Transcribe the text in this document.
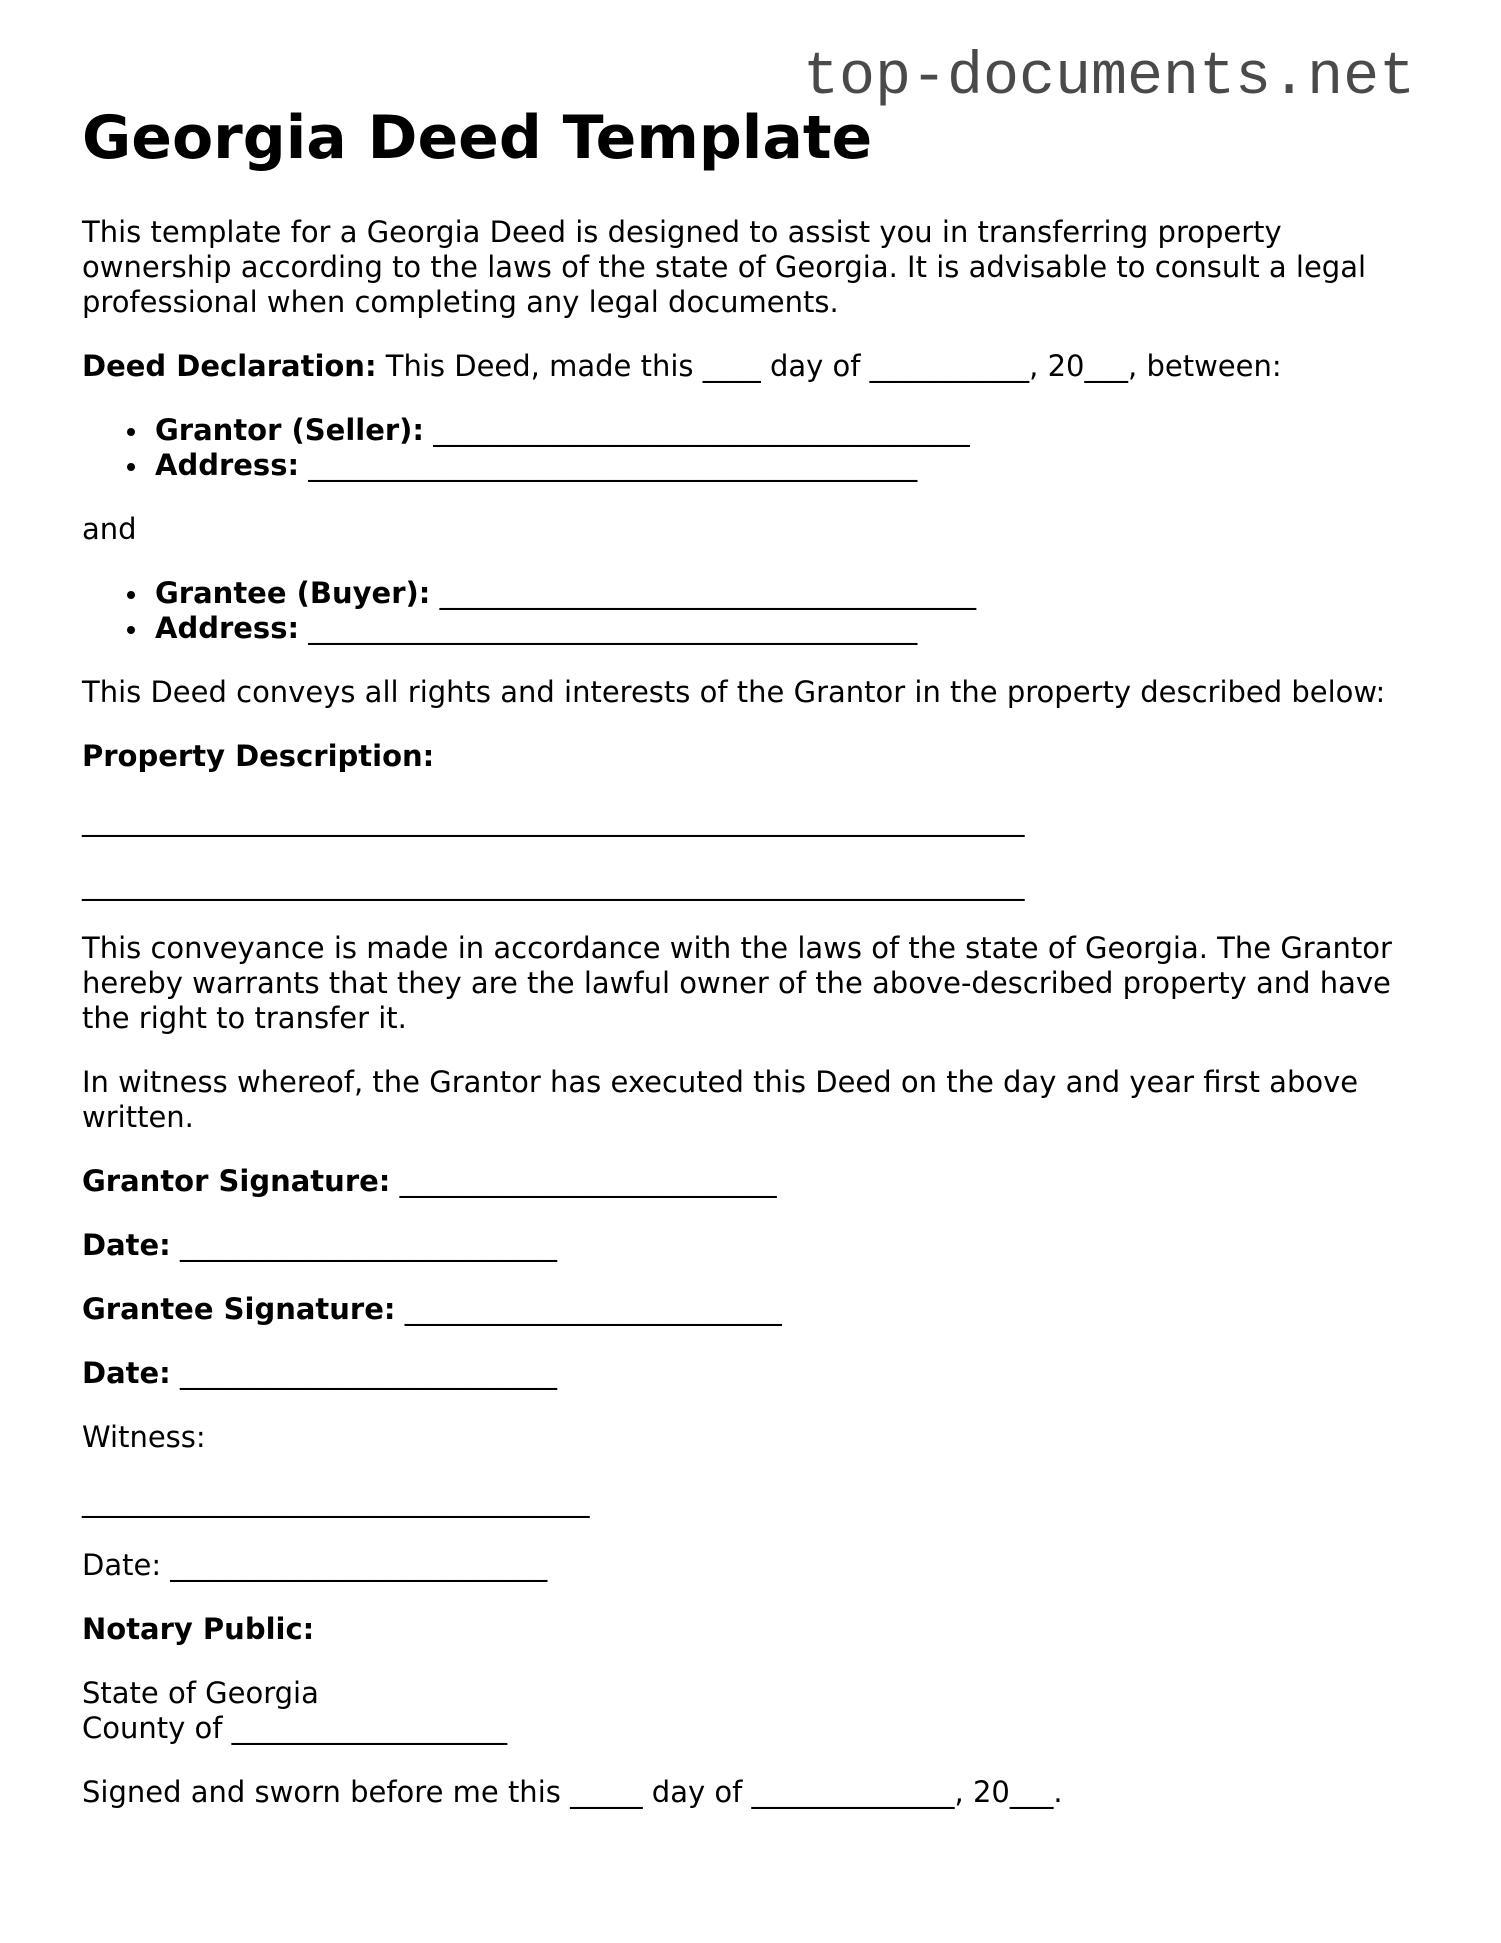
top-documents.net
Georgia Deed Template

This template for a Georgia Deed is designed to assist you in transferring property ownership according to the laws of the state of Georgia. It is advisable to consult a legal professional when completing any legal documents.

Deed Declaration: This Deed, made this ____ day of ___________, 20___, between:

Grantor (Seller): _____________________________________
Address: __________________________________________

and

Grantee (Buyer): _____________________________________
Address: __________________________________________

This Deed conveys all rights and interests of the Grantor in the property described below:

Property Description:

_________________________________________________________________
_________________________________________________________________

This conveyance is made in accordance with the laws of the state of Georgia. The Grantor hereby warrants that they are the lawful owner of the above-described property and have the right to transfer it.

In witness whereof, the Grantor has executed this Deed on the day and year first above written.

Grantor Signature: __________________________

Date: __________________________

Grantee Signature: __________________________

Date: __________________________

Witness:

___________________________________

Date: __________________________

Notary Public:

State of Georgia
County of ___________________

Signed and sworn before me this _____ day of ______________, 20___.
